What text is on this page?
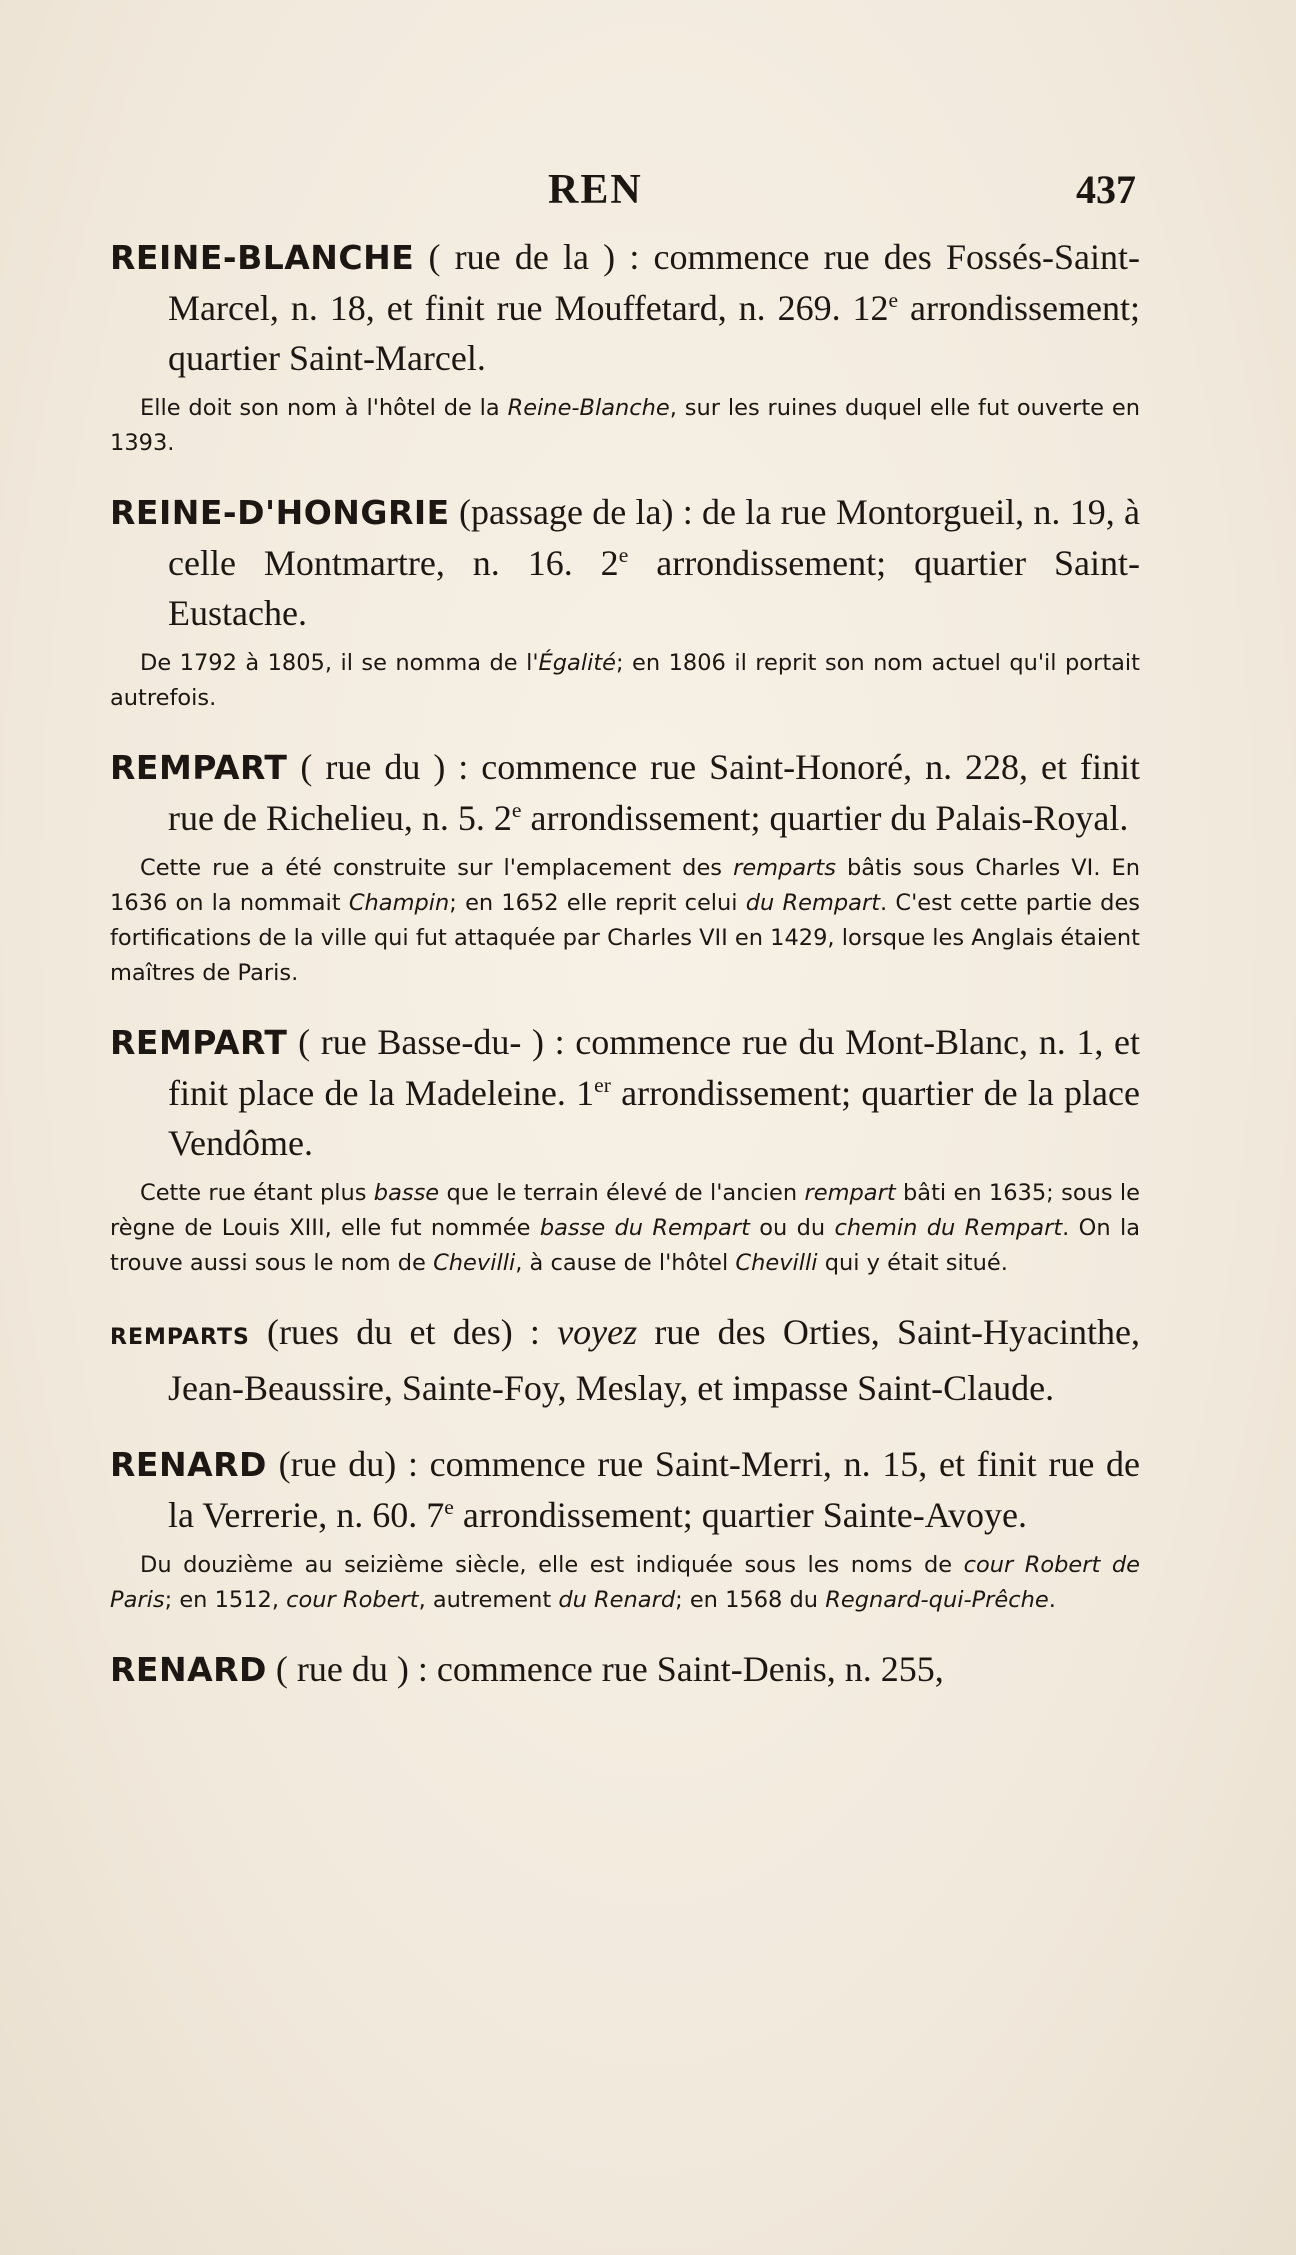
REN	437
REINE-BLANCHE ( rue de la ) : commence rue des Fossés-Saint-Marcel, n. 18, et finit rue Mouffetard, n. 269. 12e arrondissement; quartier Saint-Marcel.
Elle doit son nom à l'hôtel de la Reine-Blanche, sur les ruines duquel elle fut ouverte en 1393.
REINE-D'HONGRIE (passage de la) : de la rue Montorgueil, n. 19, à celle Montmartre, n. 16. 2e arrondissement; quartier Saint-Eustache.
De 1792 à 1805, il se nomma de l'Égalité; en 1806 il reprit son nom actuel qu'il portait autrefois.
REMPART ( rue du ) : commence rue Saint-Honoré, n. 228, et finit rue de Richelieu, n. 5. 2e arrondissement; quartier du Palais-Royal.
Cette rue a été construite sur l'emplacement des remparts bâtis sous Charles VI. En 1636 on la nommait Champin; en 1652 elle reprit celui du Rempart. C'est cette partie des fortifications de la ville qui fut attaquée par Charles VII en 1429, lorsque les Anglais étaient maîtres de Paris.
REMPART ( rue Basse-du- ) : commence rue du Mont-Blanc, n. 1, et finit place de la Madeleine. 1er arrondissement; quartier de la place Vendôme.
Cette rue étant plus basse que le terrain élevé de l'ancien rempart bâti en 1635; sous le règne de Louis XIII, elle fut nommée basse du Rempart ou du chemin du Rempart. On la trouve aussi sous le nom de Chevilli, à cause de l'hôtel Chevilli qui y était situé.
REMPARTS (rues du et des) : voyez rue des Orties, Saint-Hyacinthe, Jean-Beaussire, Sainte-Foy, Meslay, et impasse Saint-Claude.
RENARD (rue du) : commence rue Saint-Merri, n. 15, et finit rue de la Verrerie, n. 60. 7e arrondissement; quartier Sainte-Avoye.
Du douzième au seizième siècle, elle est indiquée sous les noms de cour Robert de Paris; en 1512, cour Robert, autrement du Renard; en 1568 du Regnard-qui-Prêche.
RENARD ( rue du ) : commence rue Saint-Denis, n. 255,
